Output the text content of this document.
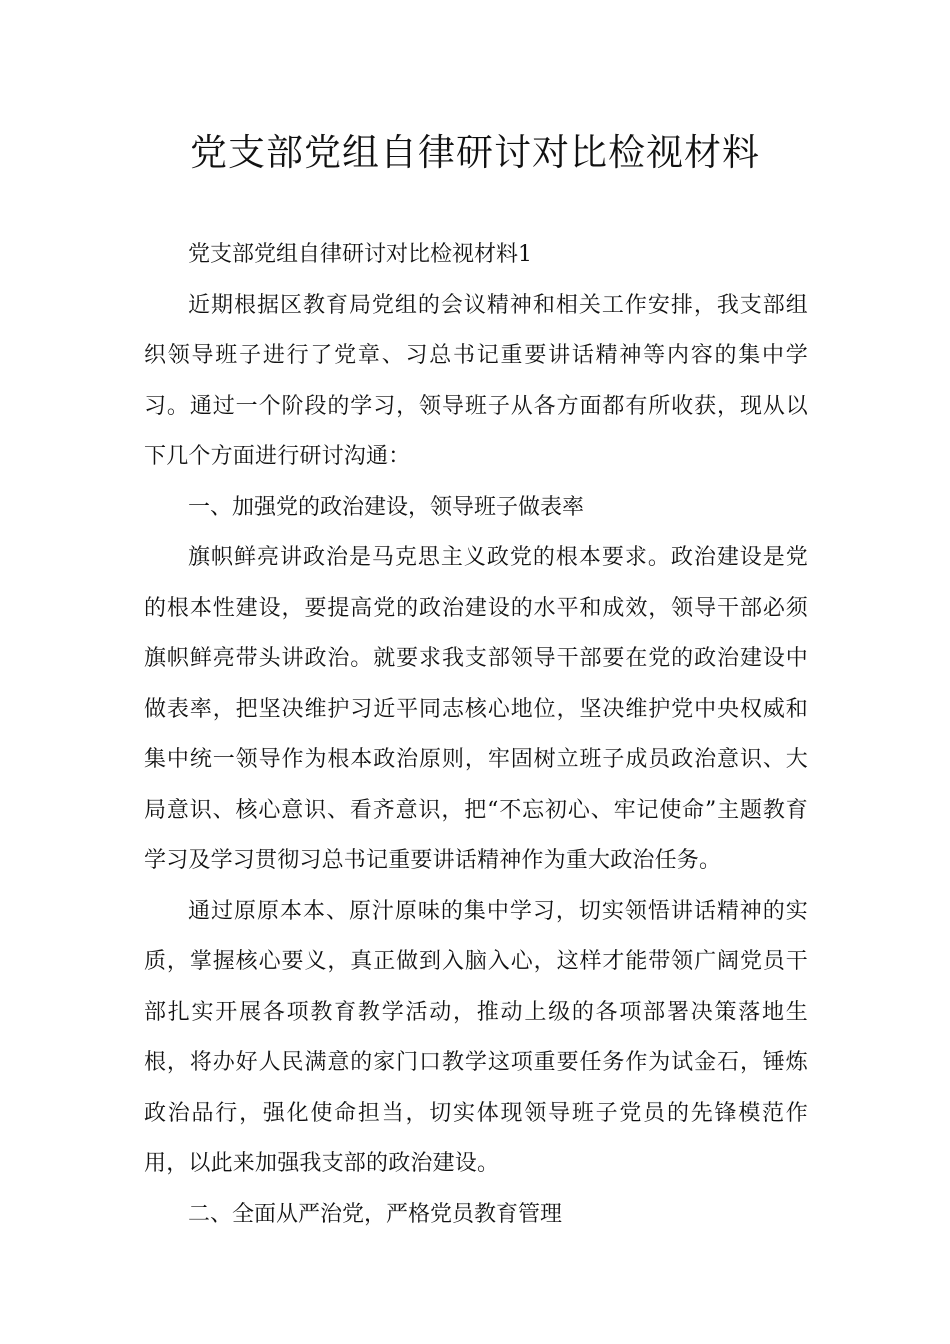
党支部党组自律研讨对比检视材料

党支部党组自律研讨对比检视材料1

近期根据区教育局党组的会议精神和相关工作安排，我支部组织领导班子进行了党章、习总书记重要讲话精神等内容的集中学习。通过一个阶段的学习，领导班子从各方面都有所收获，现从以下几个方面进行研讨沟通：

一、加强党的政治建设，领导班子做表率

旗帜鲜亮讲政治是马克思主义政党的根本要求。政治建设是党的根本性建设，要提高党的政治建设的水平和成效，领导干部必须旗帜鲜亮带头讲政治。就要求我支部领导干部要在党的政治建设中做表率，把坚决维护习近平同志核心地位，坚决维护党中央权威和集中统一领导作为根本政治原则，牢固树立班子成员政治意识、大局意识、核心意识、看齐意识，把“不忘初心、牢记使命”主题教育学习及学习贯彻习总书记重要讲话精神作为重大政治任务。

通过原原本本、原汁原味的集中学习，切实领悟讲话精神的实质，掌握核心要义，真正做到入脑入心，这样才能带领广阔党员干部扎实开展各项教育教学活动，推动上级的各项部署决策落地生根，将办好人民满意的家门口教学这项重要任务作为试金石，锤炼政治品行，强化使命担当，切实体现领导班子党员的先锋模范作用，以此来加强我支部的政治建设。

二、全面从严治党，严格党员教育管理
